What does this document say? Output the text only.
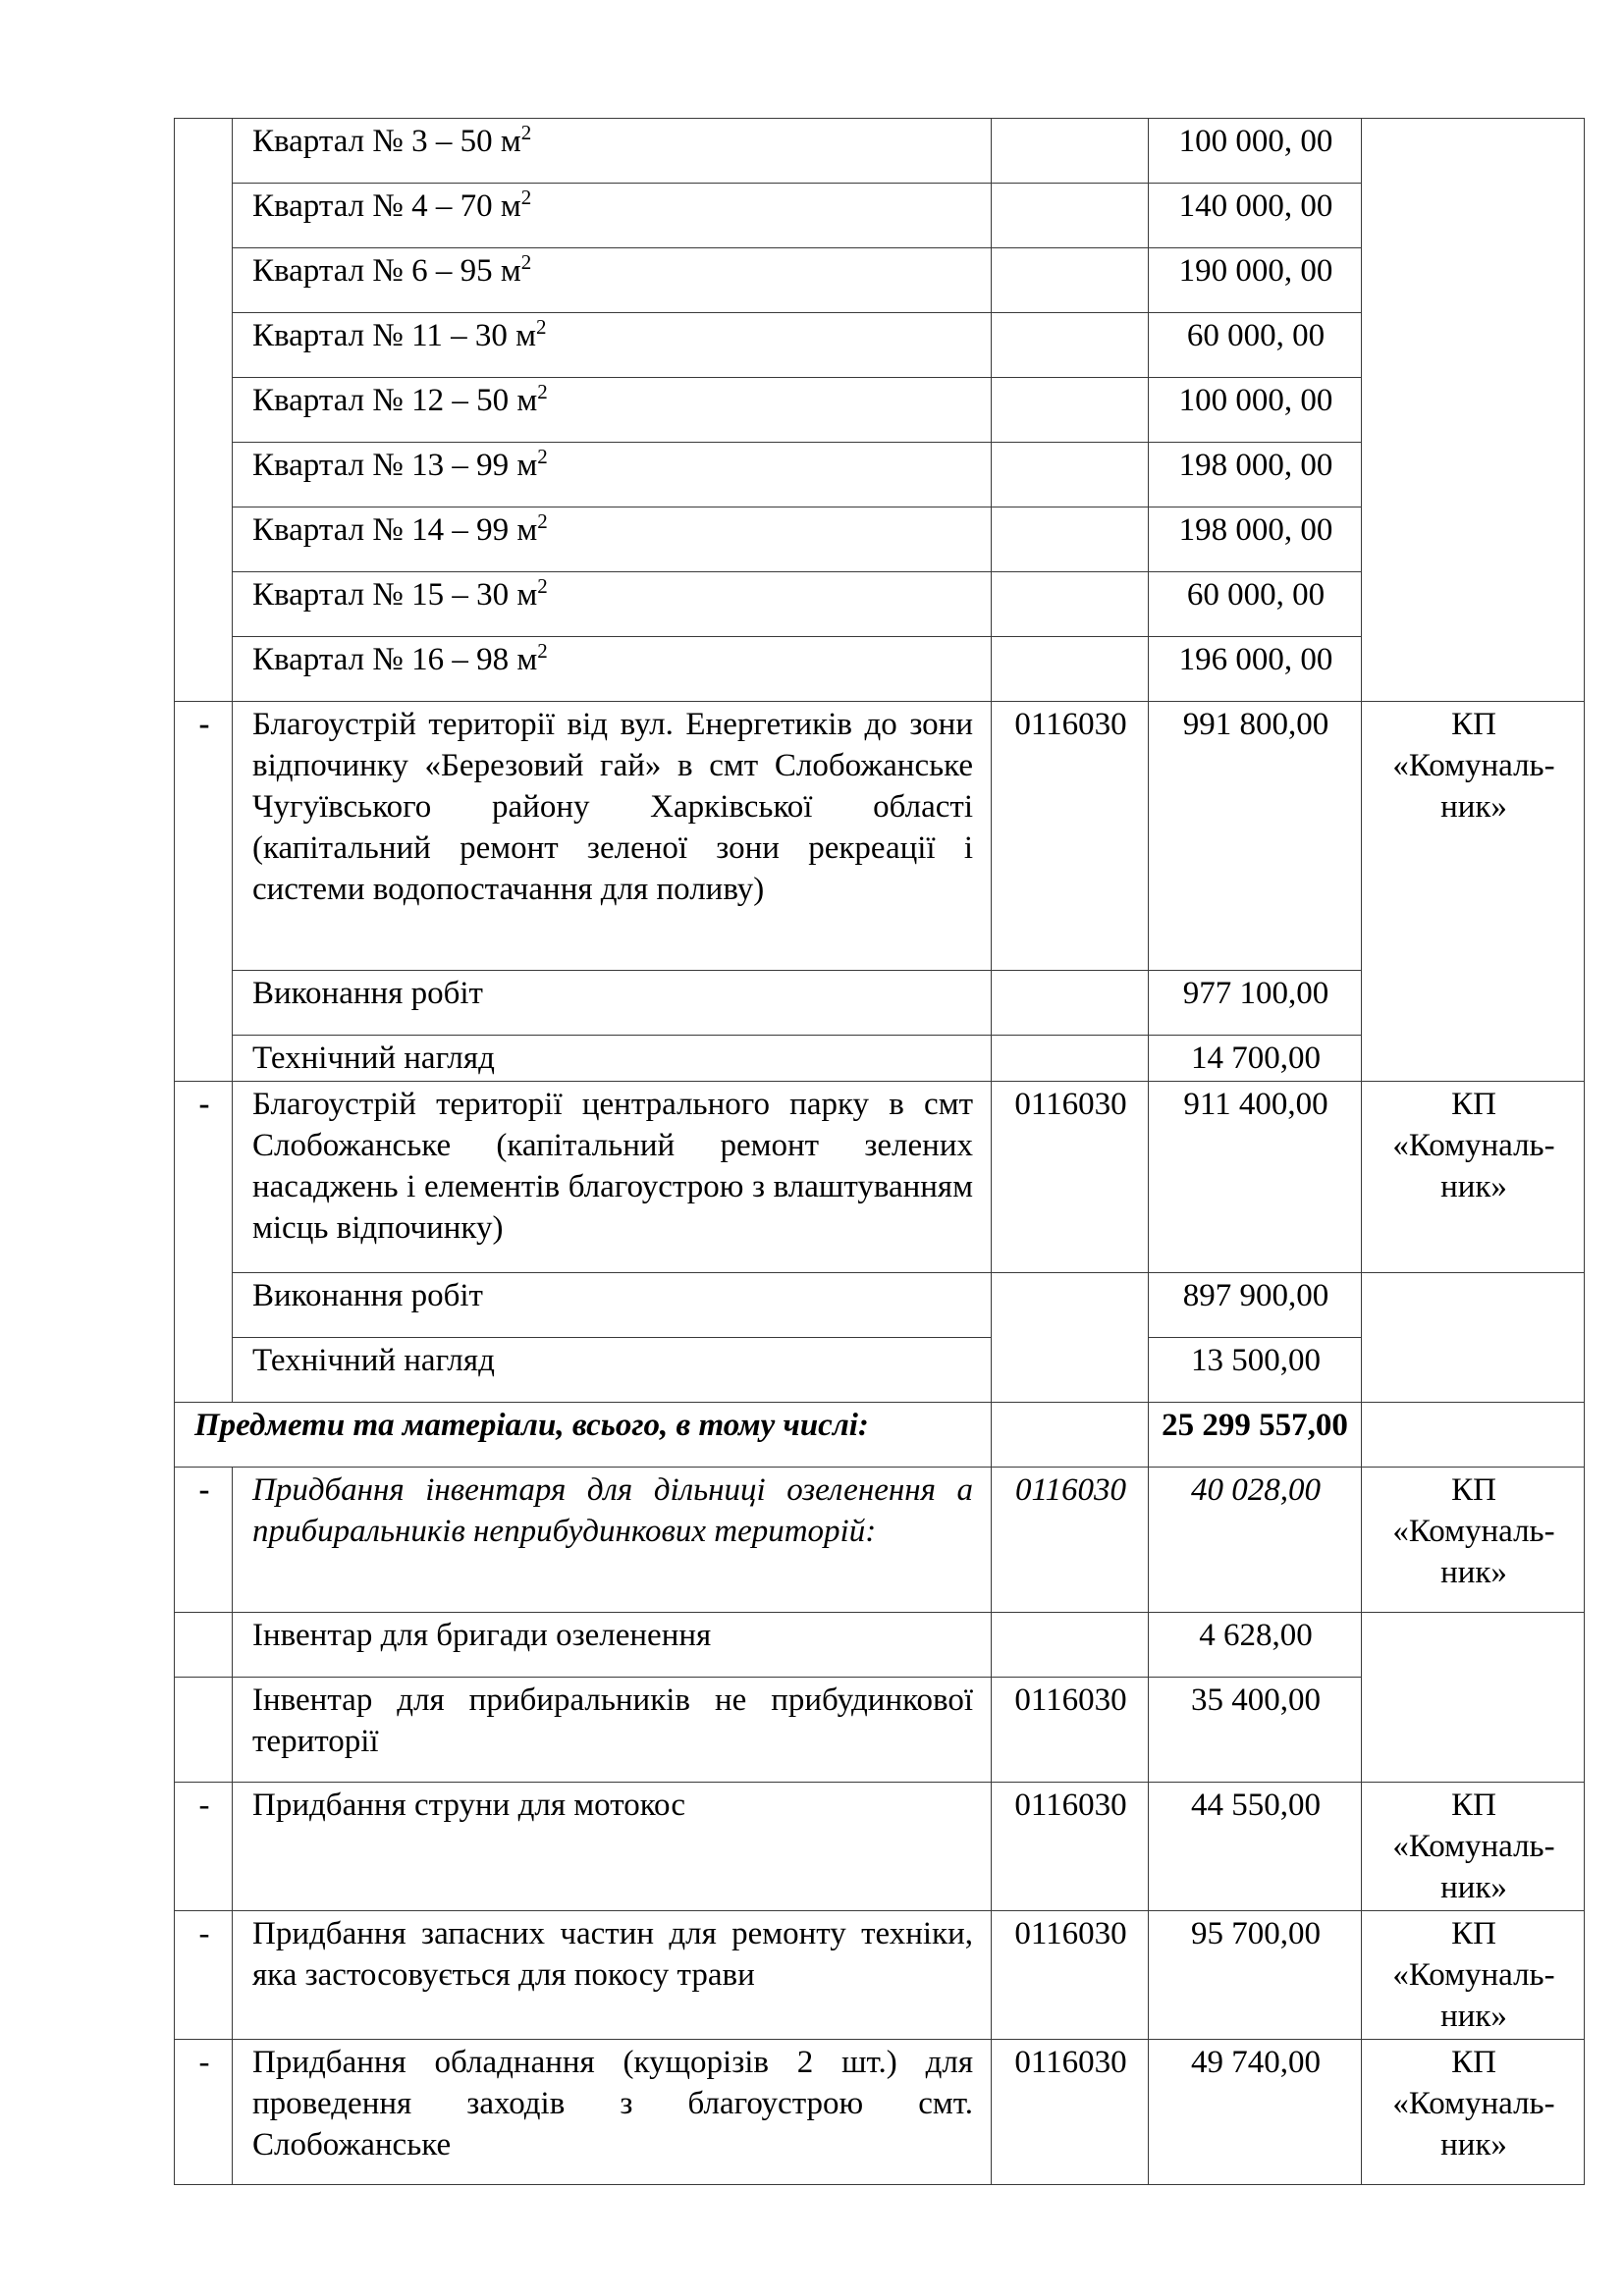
	Квартал № 3 – 50 $м^2$		100 000, 00	
	Квартал № 4 – 70 $м^2$		140 000, 00	
	Квартал № 6 – 95 $м^2$		190 000, 00	
	Квартал № 11 – 30 $м^2$		60 000, 00	
	Квартал № 12 – 50 $м^2$		100 000, 00	
	Квартал № 13 – 99 $м^2$		198 000, 00	
	Квартал № 14 – 99 $м^2$		198 000, 00	
	Квартал № 15 – 30 $м^2$		60 000, 00	
	Квартал № 16 – 98 $м^2$		196 000, 00	
-	Благоустрій території від вул. Енергетиків до зони відпочинку «Березовий гай» в смт Слобожанське Чугуївського району Харківської області (капітальний ремонт зеленої зони рекреації і системи водопостачання для поливу)	0116030	991 800,00	КП «Комуналь-ник»
	Виконання робіт		977 100,00	
	Технічний нагляд		14 700,00	
-	Благоустрій території центрального парку в смт Слобожанське (капітальний ремонт зелених насаджень і елементів благоустрою з влаштуванням місць відпочинку)	0116030	911 400,00	КП «Комуналь-ник»
	Виконання робіт		897 900,00	
	Технічний нагляд		13 500,00	
Предмети та матеріали, всього, в тому числі:			25 299 557,00	
-	Придбання інвентаря для дільниці озеленення а прибиральників неприбудинкових територій:	0116030	40 028,00	КП «Комуналь-ник»
	Інвентар для бригади озеленення		4 628,00	
	Інвентар для прибиральників не прибудинкової території	0116030	35 400,00	
-	Придбання струни для мотокос	0116030	44 550,00	КП «Комуналь-ник»
-	Придбання запасних частин для ремонту техніки, яка застосовується для покосу трави	0116030	95 700,00	КП «Комуналь-ник»
-	Придбання обладнання (кущорізів 2 шт.) для проведення заходів з благоустрою смт. Слобожанське	0116030	49 740,00	КП «Комуналь-ник»
